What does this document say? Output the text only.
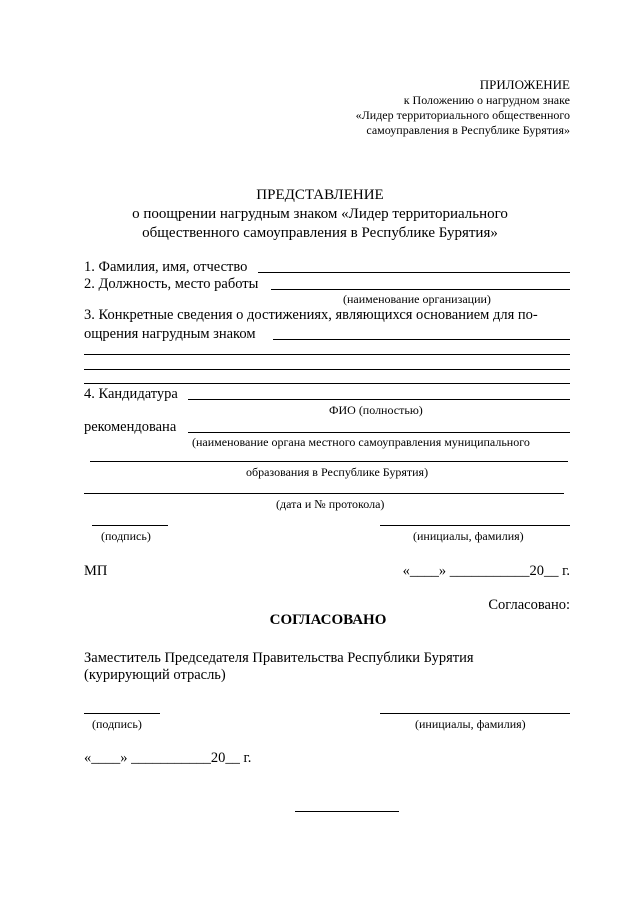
ПРИЛОЖЕНИЕ
к Положению о нагрудном знаке
«Лидер территориального общественного
самоуправления в Республике Бурятия»
ПРЕДСТАВЛЕНИЕ
о поощрении нагрудным знаком «Лидер территориального
общественного самоуправления в Республике Бурятия»
1. Фамилия, имя, отчество
2. Должность, место работы
(наименование организации)
3. Конкретные сведения о достижениях, являющихся основанием для по-
ощрения нагрудным знаком
4. Кандидатура
ФИО (полностью)
рекомендована
(наименование органа местного самоуправления муниципального
образования в Республике Бурятия)
(дата и № протокола)
(подпись)	(инициалы, фамилия)
МП	«____» ___________20__ г.
Согласовано:
СОГЛАСОВАНО
Заместитель Председателя Правительства Республики Бурятия
(курирующий отрасль)
(подпись)	(инициалы, фамилия)
«____» ___________20__ г.
